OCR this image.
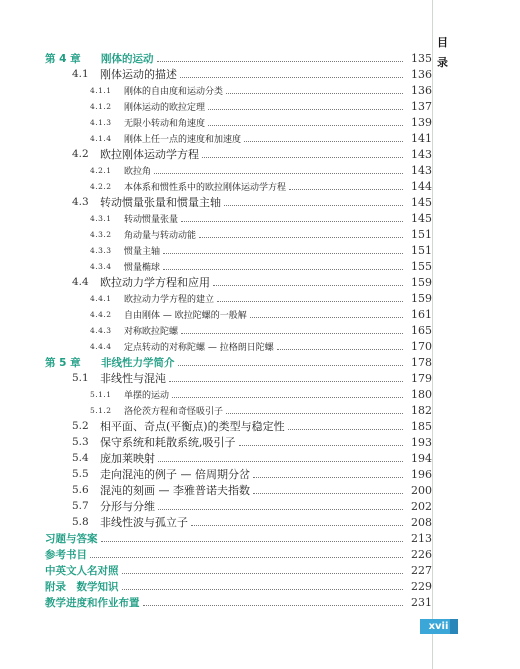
目
录
第 4 章	刚体的运动	135
4.1	刚体运动的描述	136
4.1.1	刚体的自由度和运动分类	136
4.1.2	刚体运动的欧拉定理	137
4.1.3	无限小转动和角速度	139
4.1.4	刚体上任一点的速度和加速度	141
4.2	欧拉刚体运动学方程	143
4.2.1	欧拉角	143
4.2.2	本体系和惯性系中的欧拉刚体运动学方程	144
4.3	转动惯量张量和惯量主轴	145
4.3.1	转动惯量张量	145
4.3.2	角动量与转动动能	151
4.3.3	惯量主轴	151
4.3.4	惯量椭球	155
4.4	欧拉动力学方程和应用	159
4.4.1	欧拉动力学方程的建立	159
4.4.2	自由刚体 — 欧拉陀螺的一般解	161
4.4.3	对称欧拉陀螺	165
4.4.4	定点转动的对称陀螺 — 拉格朗日陀螺	170
第 5 章	非线性力学简介	178
5.1	非线性与混沌	179
5.1.1	单摆的运动	180
5.1.2	洛伦茨方程和奇怪吸引子	182
5.2	相平面、奇点(平衡点)的类型与稳定性	185
5.3	保守系统和耗散系统,吸引子	193
5.4	庞加莱映射	194
5.5	走向混沌的例子 — 倍周期分岔	196
5.6	混沌的刻画 — 李雅普诺夫指数	200
5.7	分形与分维	202
5.8	非线性波与孤立子	208
习题与答案	213
参考书目	226
中英文人名对照	227
附录　数学知识	229
教学进度和作业布置	231
xvii
